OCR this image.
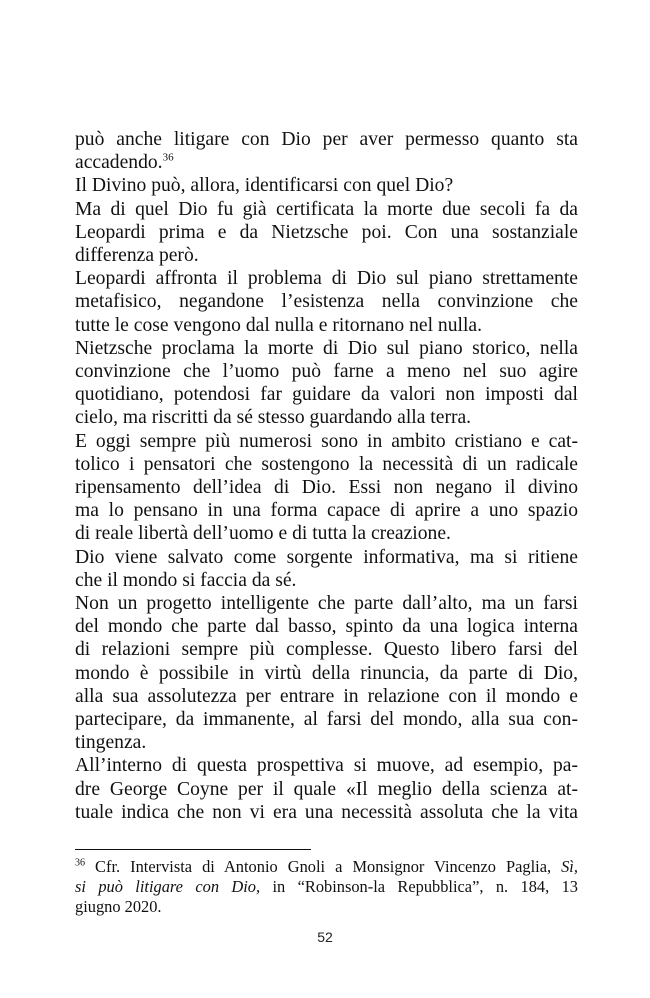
può anche litigare con Dio per aver permesso quanto sta
accadendo.$^{36}$
Il Divino può, allora, identificarsi con quel Dio?
Ma di quel Dio fu già certificata la morte due secoli fa da
Leopardi prima e da Nietzsche poi. Con una sostanziale
differenza però.
Leopardi affronta il problema di Dio sul piano strettamente
metafisico, negandone l’esistenza nella convinzione che
tutte le cose vengono dal nulla e ritornano nel nulla.
Nietzsche proclama la morte di Dio sul piano storico, nella
convinzione che l’uomo può farne a meno nel suo agire
quotidiano, potendosi far guidare da valori non imposti dal
cielo, ma riscritti da sé stesso guardando alla terra.
E oggi sempre più numerosi sono in ambito cristiano e cat-
tolico i pensatori che sostengono la necessità di un radicale
ripensamento dell’idea di Dio. Essi non negano il divino
ma lo pensano in una forma capace di aprire a uno spazio
di reale libertà dell’uomo e di tutta la creazione.
Dio viene salvato come sorgente informativa, ma si ritiene
che il mondo si faccia da sé.
Non un progetto intelligente che parte dall’alto, ma un farsi
del mondo che parte dal basso, spinto da una logica interna
di relazioni sempre più complesse. Questo libero farsi del
mondo è possibile in virtù della rinuncia, da parte di Dio,
alla sua assolutezza per entrare in relazione con il mondo e
partecipare, da immanente, al farsi del mondo, alla sua con-
tingenza.
All’interno di questa prospettiva si muove, ad esempio, pa-
dre George Coyne per il quale «Il meglio della scienza at-
tuale indica che non vi era una necessità assoluta che la vita
$^{36}$ Cfr. Intervista di Antonio Gnoli a Monsignor Vincenzo Paglia, Sì,
si può litigare con Dio, in “Robinson-la Repubblica”, n. 184, 13
giugno 2020.
52
